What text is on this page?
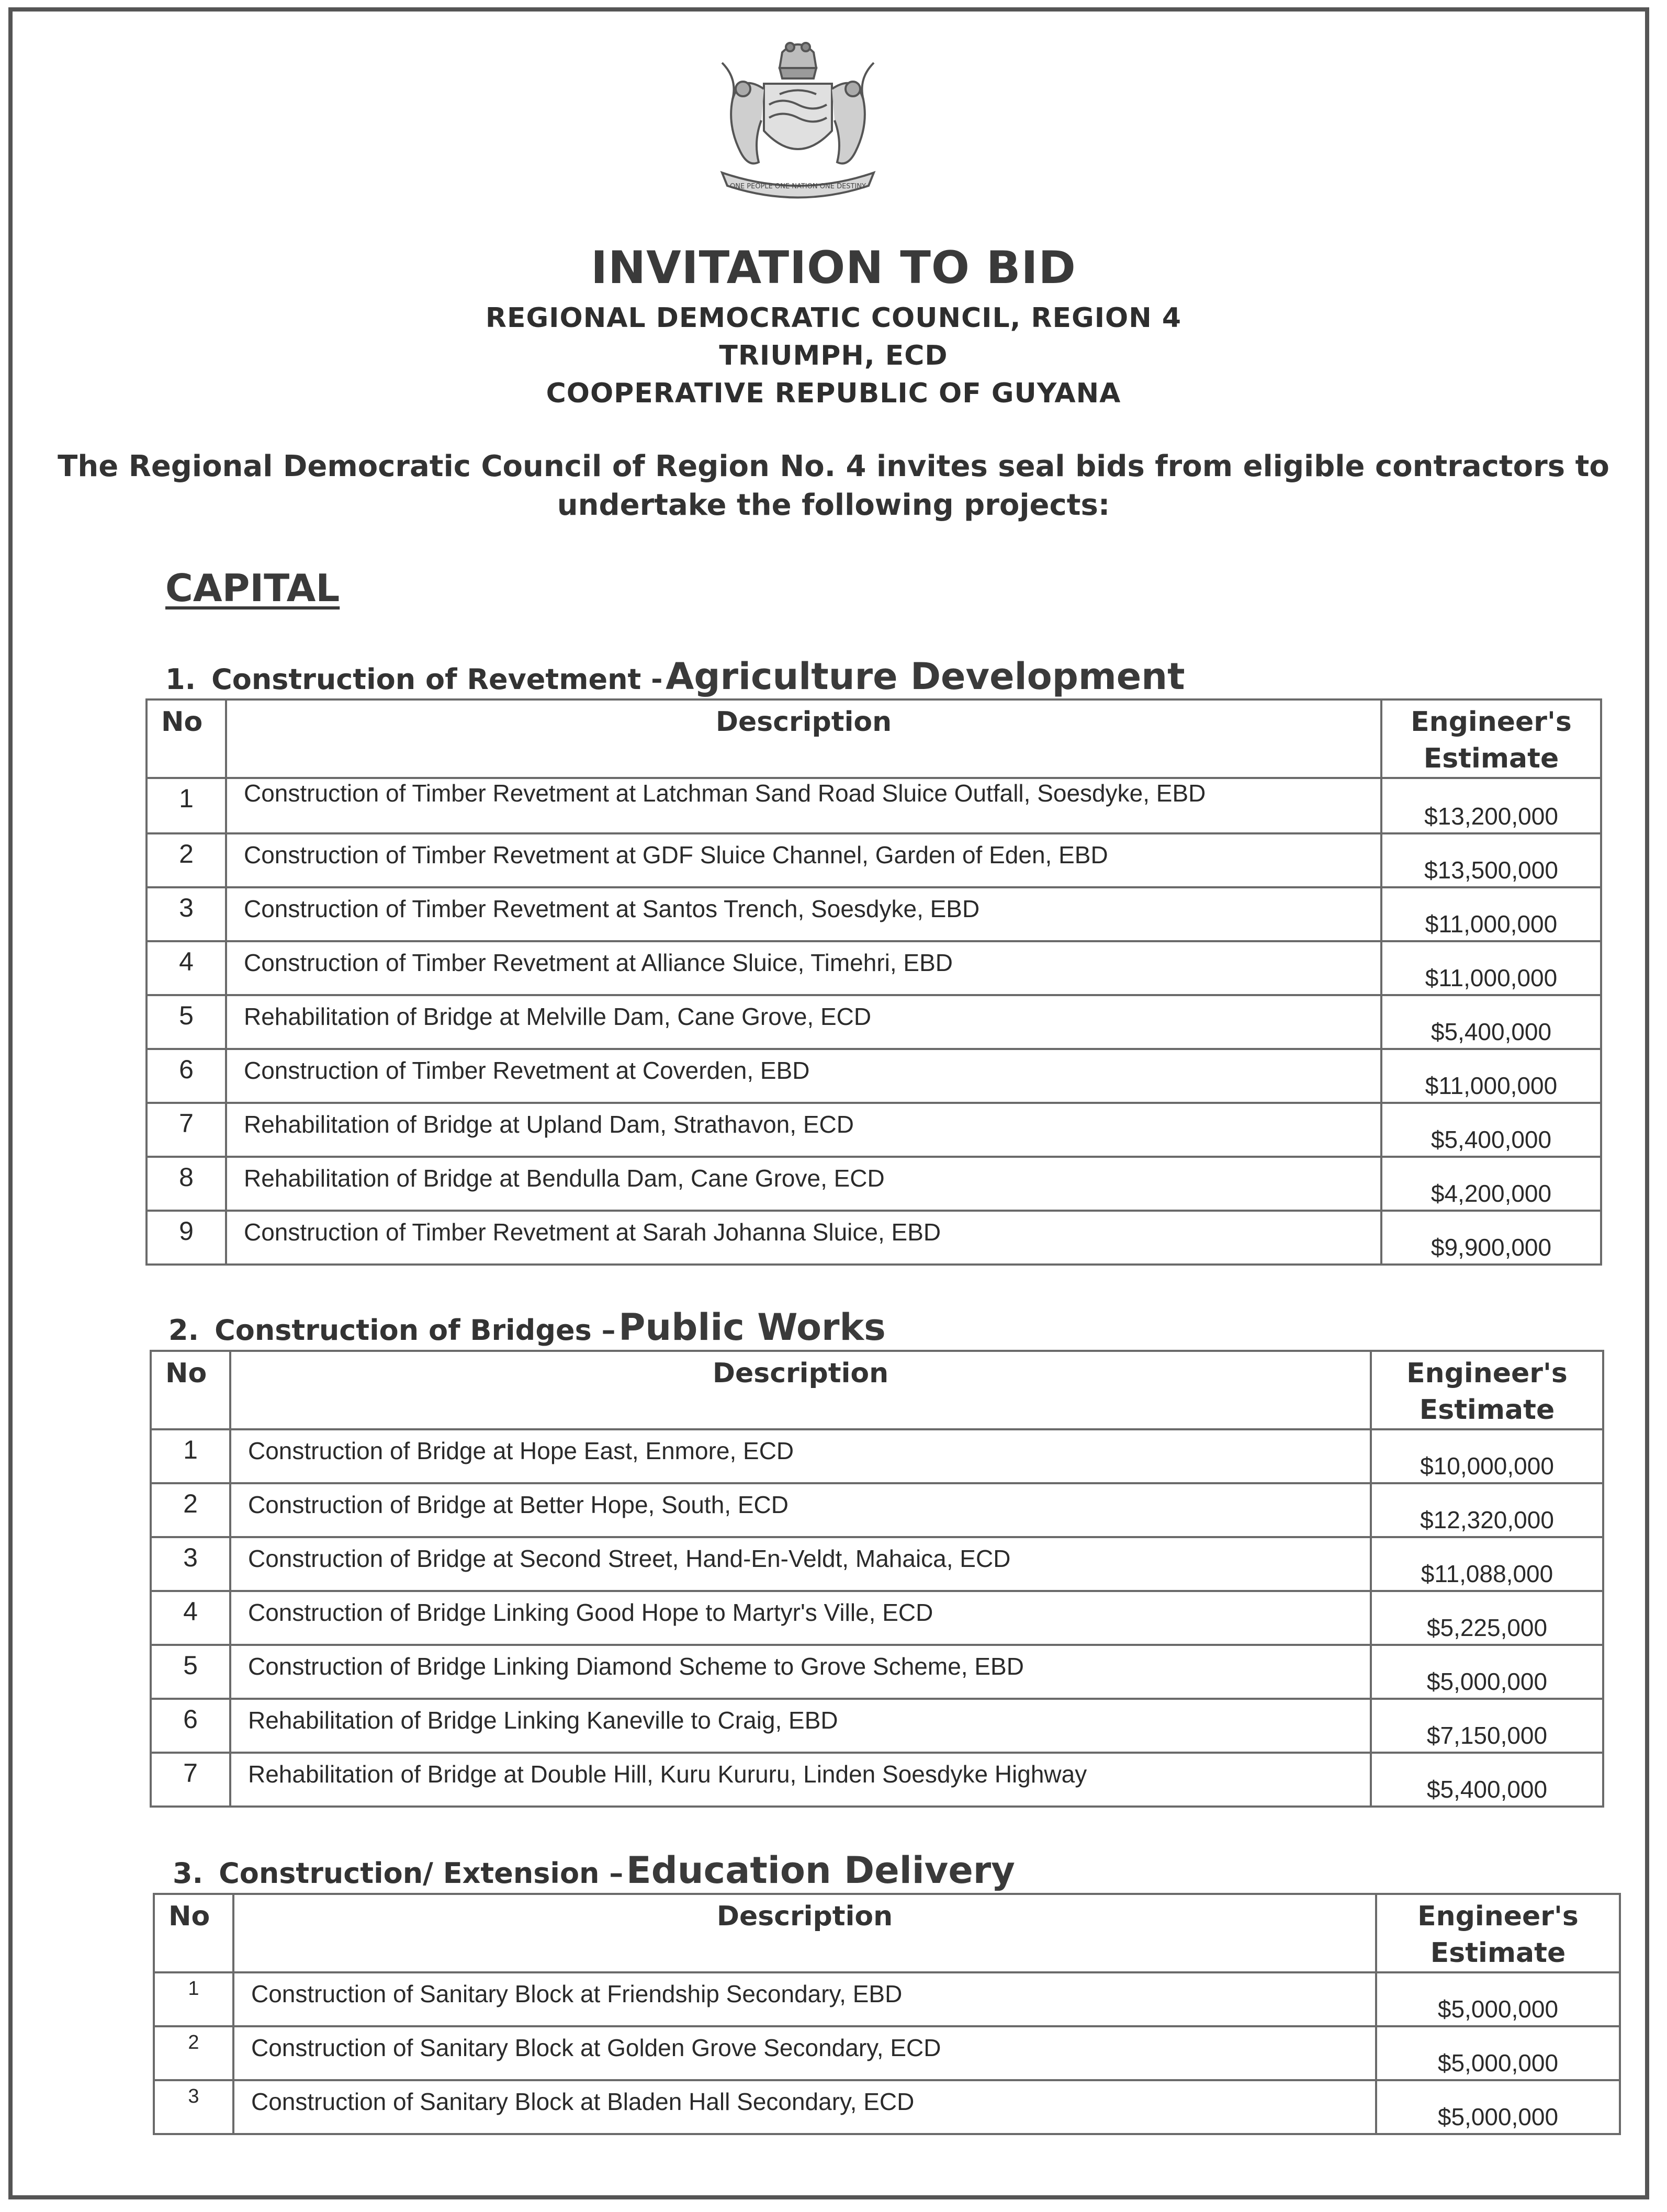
ONE PEOPLE ONE NATION ONE DESTINY
INVITATION TO BID
REGIONAL DEMOCRATIC COUNCIL, REGION 4
TRIUMPH, ECD
COOPERATIVE REPUBLIC OF GUYANA
The Regional Democratic Council of Region No. 4 invites seal bids from eligible contractors to
undertake the following projects:
CAPITAL
1. Construction of Revetment - Agriculture Development
No	Description	Engineer's
Estimate

1	Construction of Timber Revetment at Latchman Sand Road Sluice Outfall, Soesdyke, EBD	$13,200,000
2	Construction of Timber Revetment at GDF Sluice Channel, Garden of Eden, EBD	$13,500,000
3	Construction of Timber Revetment at Santos Trench, Soesdyke, EBD	$11,000,000
4	Construction of Timber Revetment at Alliance Sluice, Timehri, EBD	$11,000,000
5	Rehabilitation of Bridge at Melville Dam, Cane Grove, ECD	$5,400,000
6	Construction of Timber Revetment at Coverden, EBD	$11,000,000
7	Rehabilitation of Bridge at Upland Dam, Strathavon, ECD	$5,400,000
8	Rehabilitation of Bridge at Bendulla Dam, Cane Grove, ECD	$4,200,000
9	Construction of Timber Revetment at Sarah Johanna Sluice, EBD	$9,900,000
2. Construction of Bridges – Public Works
No	Description	Engineer's
Estimate

1	Construction of Bridge at Hope East, Enmore, ECD	$10,000,000
2	Construction of Bridge at Better Hope, South, ECD	$12,320,000
3	Construction of Bridge at Second Street, Hand-En-Veldt, Mahaica, ECD	$11,088,000
4	Construction of Bridge Linking Good Hope to Martyr's Ville, ECD	$5,225,000
5	Construction of Bridge Linking Diamond Scheme to Grove Scheme, EBD	$5,000,000
6	Rehabilitation of Bridge Linking Kaneville to Craig, EBD	$7,150,000
7	Rehabilitation of Bridge at Double Hill, Kuru Kururu, Linden Soesdyke Highway	$5,400,000
3. Construction/ Extension – Education Delivery
No	Description	Engineer's
Estimate

1	Construction of Sanitary Block at Friendship Secondary, EBD	$5,000,000
2	Construction of Sanitary Block at Golden Grove Secondary, ECD	$5,000,000
3	Construction of Sanitary Block at Bladen Hall Secondary, ECD	$5,000,000
